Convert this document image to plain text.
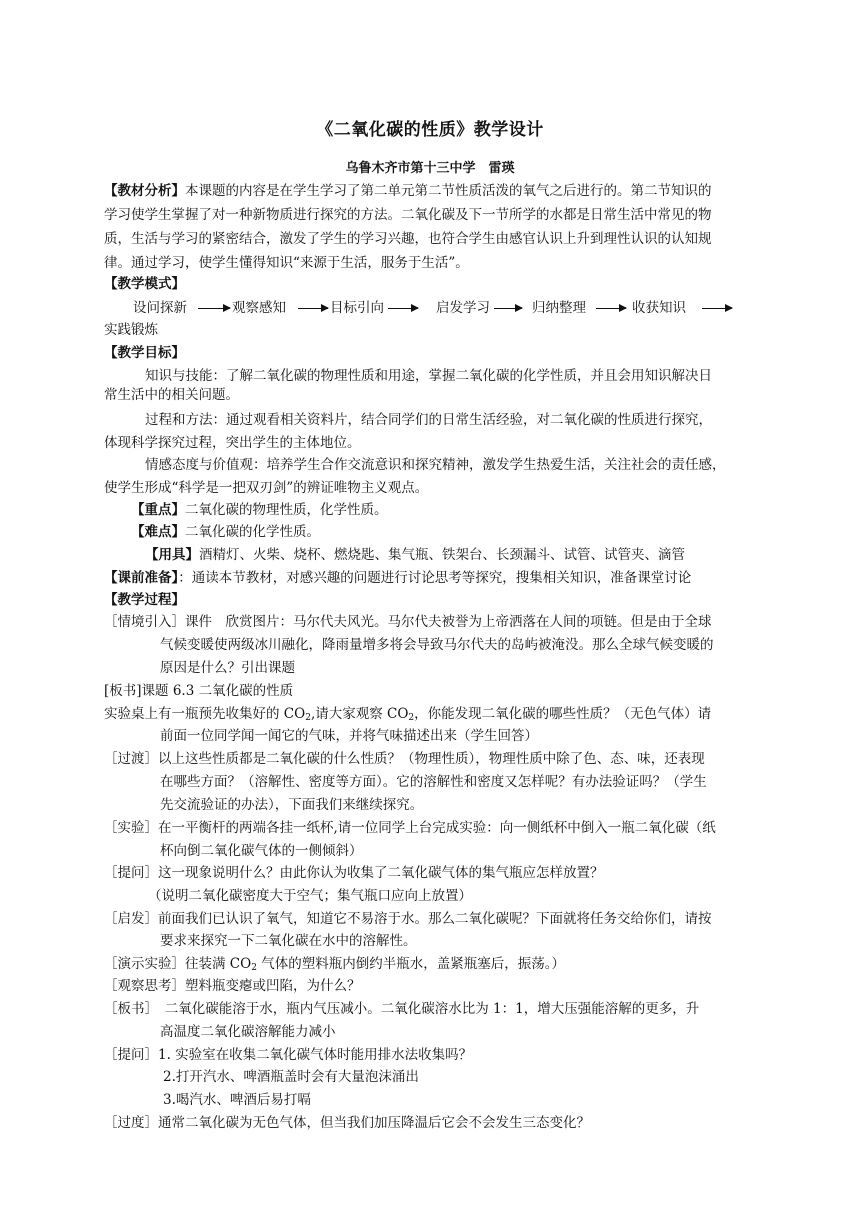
《二氧化碳的性质》教学设计
乌鲁木齐市第十三中学　雷瑛
【教材分析】本课题的内容是在学生学习了第二单元第二节性质活泼的氧气之后进行的。第二节知识的
学习使学生掌握了对一种新物质进行探究的方法。二氧化碳及下一节所学的水都是日常生活中常见的物
质，生活与学习的紧密结合，激发了学生的学习兴趣，也符合学生由感官认识上升到理性认识的认知规
律。通过学习，使学生懂得知识“来源于生活，服务于生活”。
【教学模式】
设问探新	观察感知	目标引向	启发学习	归纳整理	收获知识
实践锻炼
【教学目标】
知识与技能：了解二氧化碳的物理性质和用途，掌握二氧化碳的化学性质，并且会用知识解决日
常生活中的相关问题。
过程和方法：通过观看相关资料片，结合同学们的日常生活经验，对二氧化碳的性质进行探究，
体现科学探究过程，突出学生的主体地位。
情感态度与价值观：培养学生合作交流意识和探究精神，激发学生热爱生活，关注社会的责任感，
使学生形成“科学是一把双刃剑”的辨证唯物主义观点。
【重点】二氧化碳的物理性质，化学性质。
【难点】二氧化碳的化学性质。
【用具】酒精灯、火柴、烧杯、燃烧匙、集气瓶、铁架台、长颈漏斗、试管、试管夹、滴管
【课前准备】：通读本节教材，对感兴趣的问题进行讨论思考等探究，搜集相关知识，准备课堂讨论
【教学过程】
［情境引入］课件　欣赏图片：马尔代夫风光。马尔代夫被誉为上帝洒落在人间的项链。但是由于全球
气候变暖使两级冰川融化，降雨量增多将会导致马尔代夫的岛屿被淹没。那么全球气候变暖的
原因是什么？引出课题
[板书]课题 6.3 二氧化碳的性质
实验桌上有一瓶预先收集好的 $CO_2$,请大家观察 $CO_2$，你能发现二氧化碳的哪些性质？（无色气体）请
前面一位同学闻一闻它的气味，并将气味描述出来（学生回答）
［过渡］以上这些性质都是二氧化碳的什么性质？（物理性质），物理性质中除了色、态、味，还表现
在哪些方面？（溶解性、密度等方面）。它的溶解性和密度又怎样呢？有办法验证吗？（学生
先交流验证的办法），下面我们来继续探究。
［实验］在一平衡杆的两端各挂一纸杯,请一位同学上台完成实验：向一侧纸杯中倒入一瓶二氧化碳（纸
杯向倒二氧化碳气体的一侧倾斜）
［提问］这一现象说明什么？由此你认为收集了二氧化碳气体的集气瓶应怎样放置？
（说明二氧化碳密度大于空气；集气瓶口应向上放置）
［启发］前面我们已认识了氧气，知道它不易溶于水。那么二氧化碳呢？下面就将任务交给你们，请按
要求来探究一下二氧化碳在水中的溶解性。
［演示实验］往装满 $CO_2$ 气体的塑料瓶内倒约半瓶水，盖紧瓶塞后，振荡。）
［观察思考］塑料瓶变瘪或凹陷，为什么？
［板书］　二氧化碳能溶于水，瓶内气压减小。二氧化碳溶水比为 1：1，增大压强能溶解的更多，升
高温度二氧化碳溶解能力减小
［提问］1. 实验室在收集二氧化碳气体时能用排水法收集吗？
2.打开汽水、啤酒瓶盖时会有大量泡沫涌出
3.喝汽水、啤酒后易打嗝
［过度］通常二氧化碳为无色气体，但当我们加压降温后它会不会发生三态变化？
